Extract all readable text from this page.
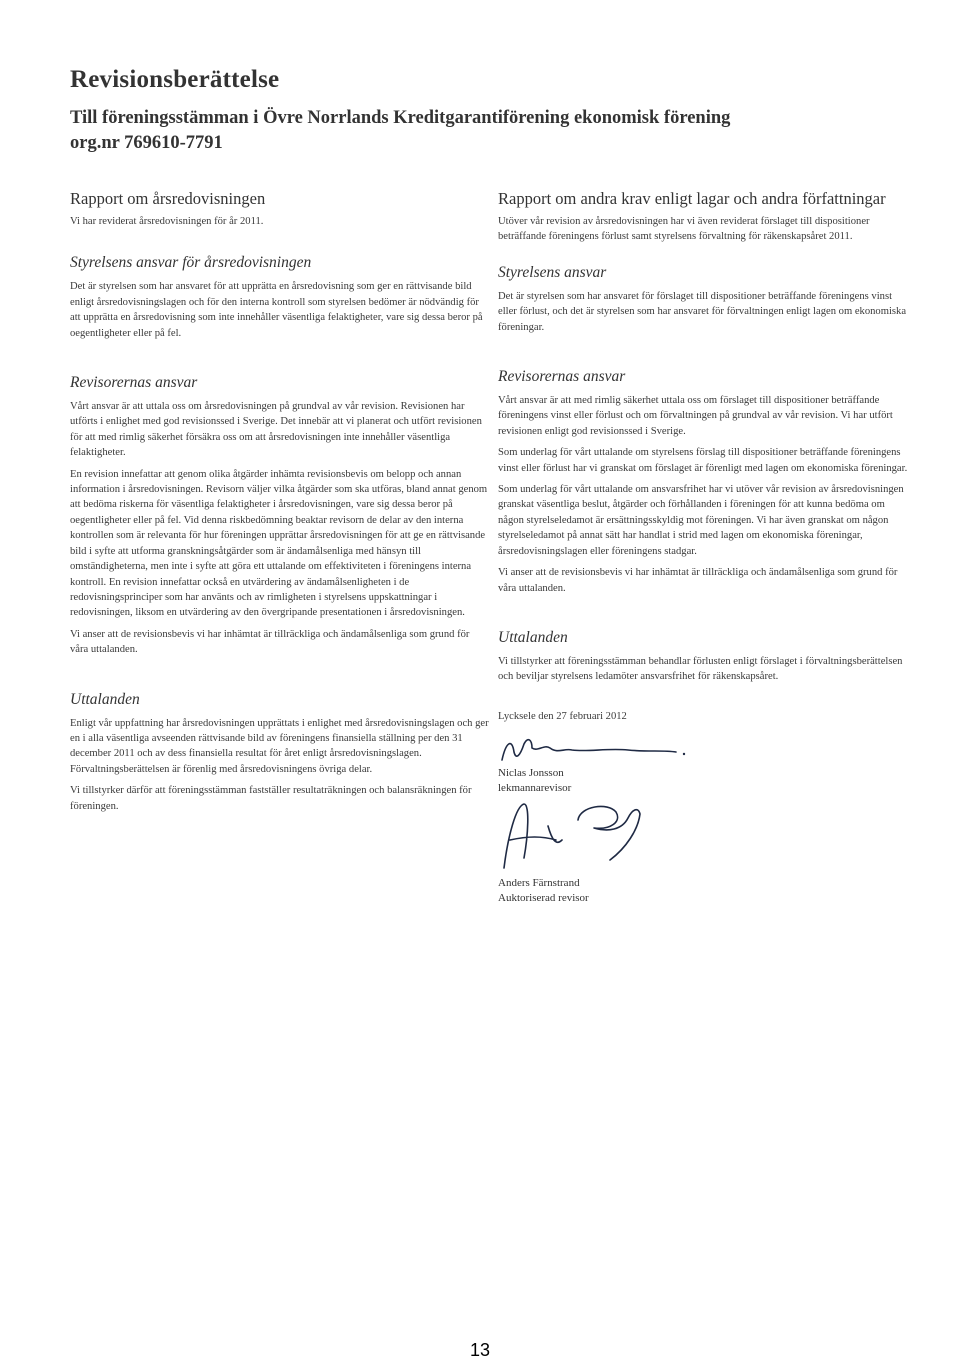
Revisionsberättelse
Till föreningsstämman i Övre Norrlands Kreditgarantiförening ekonomisk förening
org.nr 769610-7791
Rapport om årsredovisningen

Vi har reviderat årsredovisningen för år 2011.

Styrelsens ansvar för årsredovisningen

Det är styrelsen som har ansvaret för att upprätta en årsredovisning som ger en rättvisande bild enligt årsredovisningslagen och för den interna kontroll som styrelsen bedömer är nödvändig för att upprätta en årsredovisning som inte innehåller väsentliga felaktigheter, vare sig dessa beror på oegentligheter eller på fel.

Revisorernas ansvar

Vårt ansvar är att uttala oss om årsredovisningen på grundval av vår revision. Revisionen har utförts i enlighet med god revisionssed i Sverige. Det innebär att vi planerat och utfört revisionen för att med rimlig säkerhet försäkra oss om att årsredovisningen inte innehåller väsentliga felaktigheter.

En revision innefattar att genom olika åtgärder inhämta revisionsbevis om belopp och annan information i årsredovisningen. Revisorn väljer vilka åtgärder som ska utföras, bland annat genom att bedöma riskerna för väsentliga felaktigheter i årsredovisningen, vare sig dessa beror på oegentligheter eller på fel. Vid denna riskbedömning beaktar revisorn de delar av den interna kontrollen som är relevanta för hur föreningen upprättar årsredovisningen för att ge en rättvisande bild i syfte att utforma granskningsåtgärder som är ändamålsenliga med hänsyn till omständigheterna, men inte i syfte att göra ett uttalande om effektiviteten i föreningens interna kontroll. En revision innefattar också en utvärdering av ändamålsenligheten i de redovisningsprinciper som har använts och av rimligheten i styrelsens uppskattningar i redovisningen, liksom en utvärdering av den övergripande presentationen i årsredovisningen.

Vi anser att de revisionsbevis vi har inhämtat är tillräckliga och ändamålsenliga som grund för våra uttalanden.

Uttalanden

Enligt vår uppfattning har årsredovisningen upprättats i enlighet med årsredovisningslagen och ger en i alla väsentliga avseenden rättvisande bild av föreningens finansiella ställning per den 31 december 2011 och av dess finansiella resultat för året enligt årsredovisningslagen. Förvaltningsberättelsen är förenlig med årsredovisningens övriga delar.

Vi tillstyrker därför att föreningsstämman fastställer resultaträkningen och balansräkningen för föreningen.

Rapport om andra krav enligt lagar och andra författningar

Utöver vår revision av årsredovisningen har vi även reviderat förslaget till dispositioner beträffande föreningens förlust samt styrelsens förvaltning för räkenskapsåret 2011.

Styrelsens ansvar

Det är styrelsen som har ansvaret för förslaget till dispositioner beträffande föreningens vinst eller förlust, och det är styrelsen som har ansvaret för förvaltningen enligt lagen om ekonomiska föreningar.

Revisorernas ansvar

Vårt ansvar är att med rimlig säkerhet uttala oss om förslaget till dispositioner beträffande föreningens vinst eller förlust och om förvaltningen på grundval av vår revision. Vi har utfört revisionen enligt god revisionssed i Sverige.

Som underlag för vårt uttalande om styrelsens förslag till dispositioner beträffande föreningens vinst eller förlust har vi granskat om förslaget är förenligt med lagen om ekonomiska föreningar.

Som underlag för vårt uttalande om ansvarsfrihet har vi utöver vår revision av årsredovisningen granskat väsentliga beslut, åtgärder och förhållanden i föreningen för att kunna bedöma om någon styrelseledamot är ersättningsskyldig mot föreningen. Vi har även granskat om någon styrelseledamot på annat sätt har handlat i strid med lagen om ekonomiska föreningar, årsredovisningslagen eller föreningens stadgar.

Vi anser att de revisionsbevis vi har inhämtat är tillräckliga och ändamålsenliga som grund för våra uttalanden.

Uttalanden

Vi tillstyrker att föreningsstämman behandlar förlusten enligt förslaget i förvaltningsberättelsen och beviljar styrelsens ledamöter ansvarsfrihet för räkenskapsåret.

Lycksele den 27 februari 2012

Niclas Jonsson
lekmannarevisor
Anders Färnstrand
Auktoriserad revisor
13
